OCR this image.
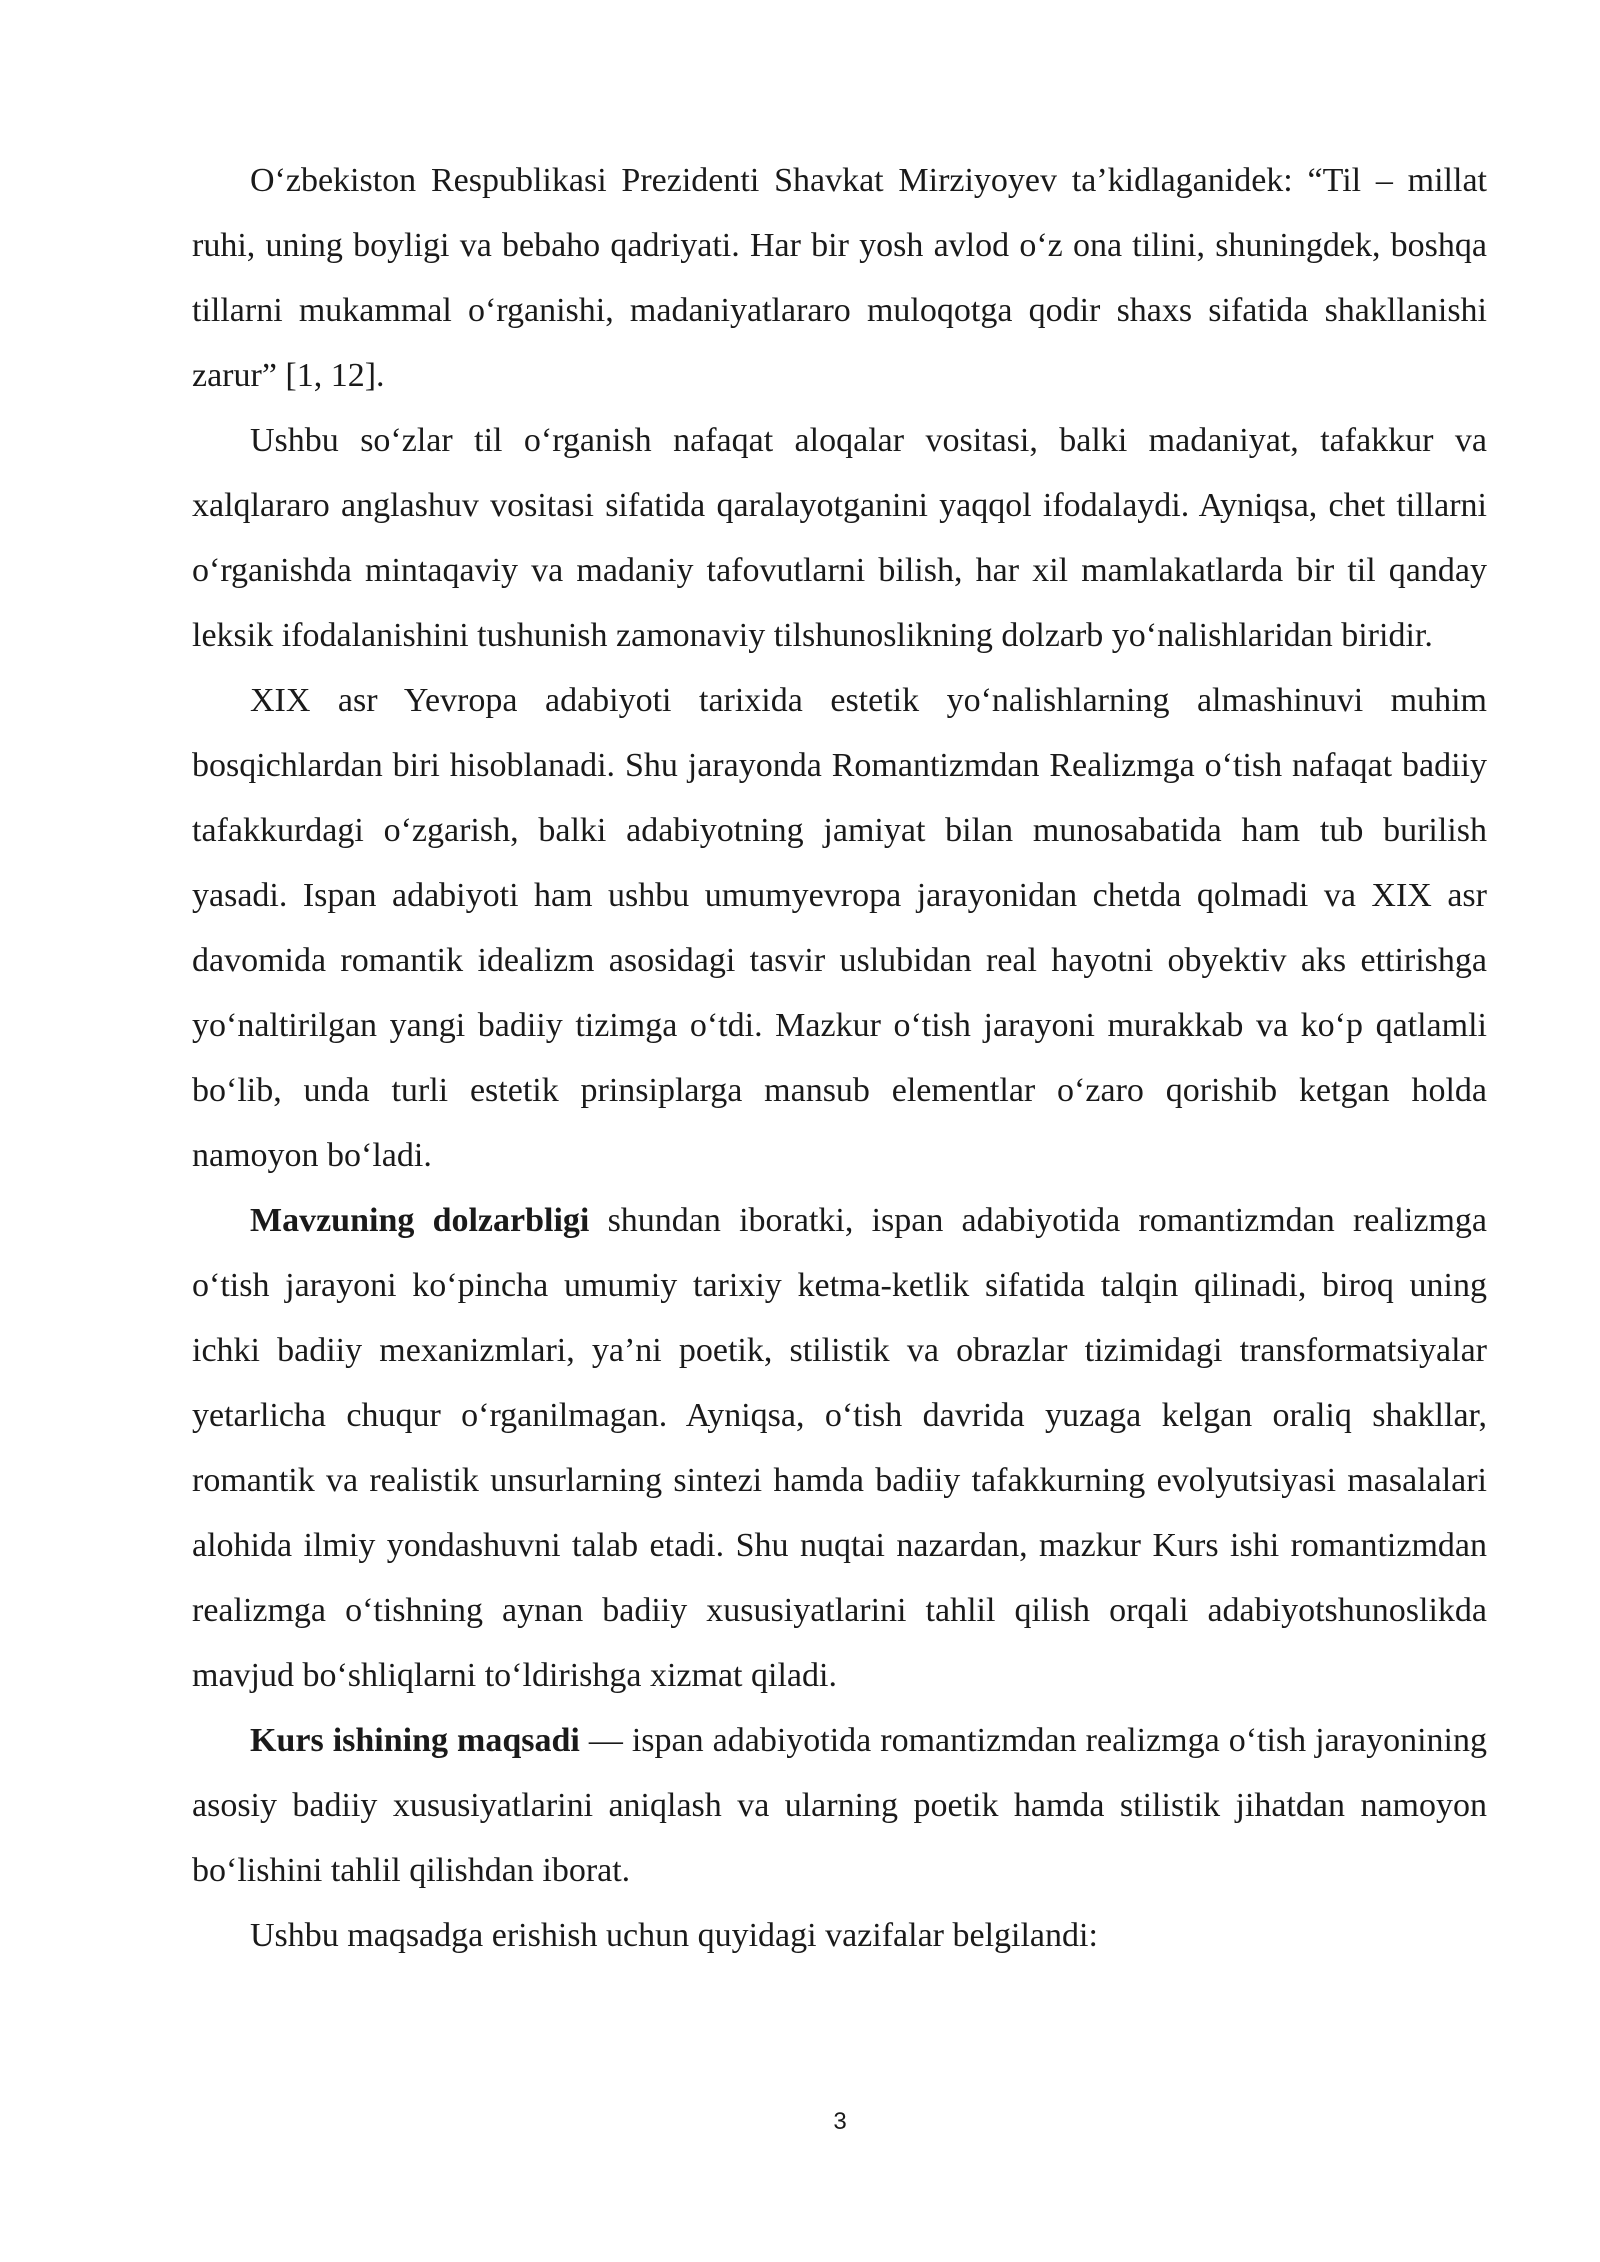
O‘zbekiston Respublikasi Prezidenti Shavkat Mirziyoyev ta’kidlaganidek: “Til – millat ruhi, uning boyligi va bebaho qadriyati. Har bir yosh avlod o‘z ona tilini, shuningdek, boshqa tillarni mukammal o‘rganishi, madaniyatlararo muloqotga qodir shaxs sifatida shakllanishi zarur” [1, 12].

Ushbu so‘zlar til o‘rganish nafaqat aloqalar vositasi, balki madaniyat, tafakkur va xalqlararo anglashuv vositasi sifatida qaralayotganini yaqqol ifodalaydi. Ayniqsa, chet tillarni o‘rganishda mintaqaviy va madaniy tafovutlarni bilish, har xil mamlakatlarda bir til qanday leksik ifodalanishini tushunish zamonaviy tilshunoslikning dolzarb yo‘nalishlaridan biridir.

XIX asr Yevropa adabiyoti tarixida estetik yo‘nalishlarning almashinuvi muhim bosqichlardan biri hisoblanadi. Shu jarayonda Romantizmdan Realizmga o‘tish nafaqat badiiy tafakkurdagi o‘zgarish, balki adabiyotning jamiyat bilan munosabatida ham tub burilish yasadi. Ispan adabiyoti ham ushbu umumyevropa jarayonidan chetda qolmadi va XIX asr davomida romantik idealizm asosidagi tasvir uslubidan real hayotni obyektiv aks ettirishga yo‘naltirilgan yangi badiiy tizimga o‘tdi. Mazkur o‘tish jarayoni murakkab va ko‘p qatlamli bo‘lib, unda turli estetik prinsiplarga mansub elementlar o‘zaro qorishib ketgan holda namoyon bo‘ladi.

Mavzuning dolzarbligi shundan iboratki, ispan adabiyotida romantizmdan realizmga o‘tish jarayoni ko‘pincha umumiy tarixiy ketma-ketlik sifatida talqin qilinadi, biroq uning ichki badiiy mexanizmlari, ya’ni poetik, stilistik va obrazlar tizimidagi transformatsiyalar yetarlicha chuqur o‘rganilmagan. Ayniqsa, o‘tish davrida yuzaga kelgan oraliq shakllar, romantik va realistik unsurlarning sintezi hamda badiiy tafakkurning evolyutsiyasi masalalari alohida ilmiy yondashuvni talab etadi. Shu nuqtai nazardan, mazkur Kurs ishi romantizmdan realizmga o‘tishning aynan badiiy xususiyatlarini tahlil qilish orqali adabiyotshunoslikda mavjud bo‘shliqlarni to‘ldirishga xizmat qiladi.

Kurs ishining maqsadi — ispan adabiyotida romantizmdan realizmga o‘tish jarayonining asosiy badiiy xususiyatlarini aniqlash va ularning poetik hamda stilistik jihatdan namoyon bo‘lishini tahlil qilishdan iborat.

Ushbu maqsadga erishish uchun quyidagi vazifalar belgilandi:

3
